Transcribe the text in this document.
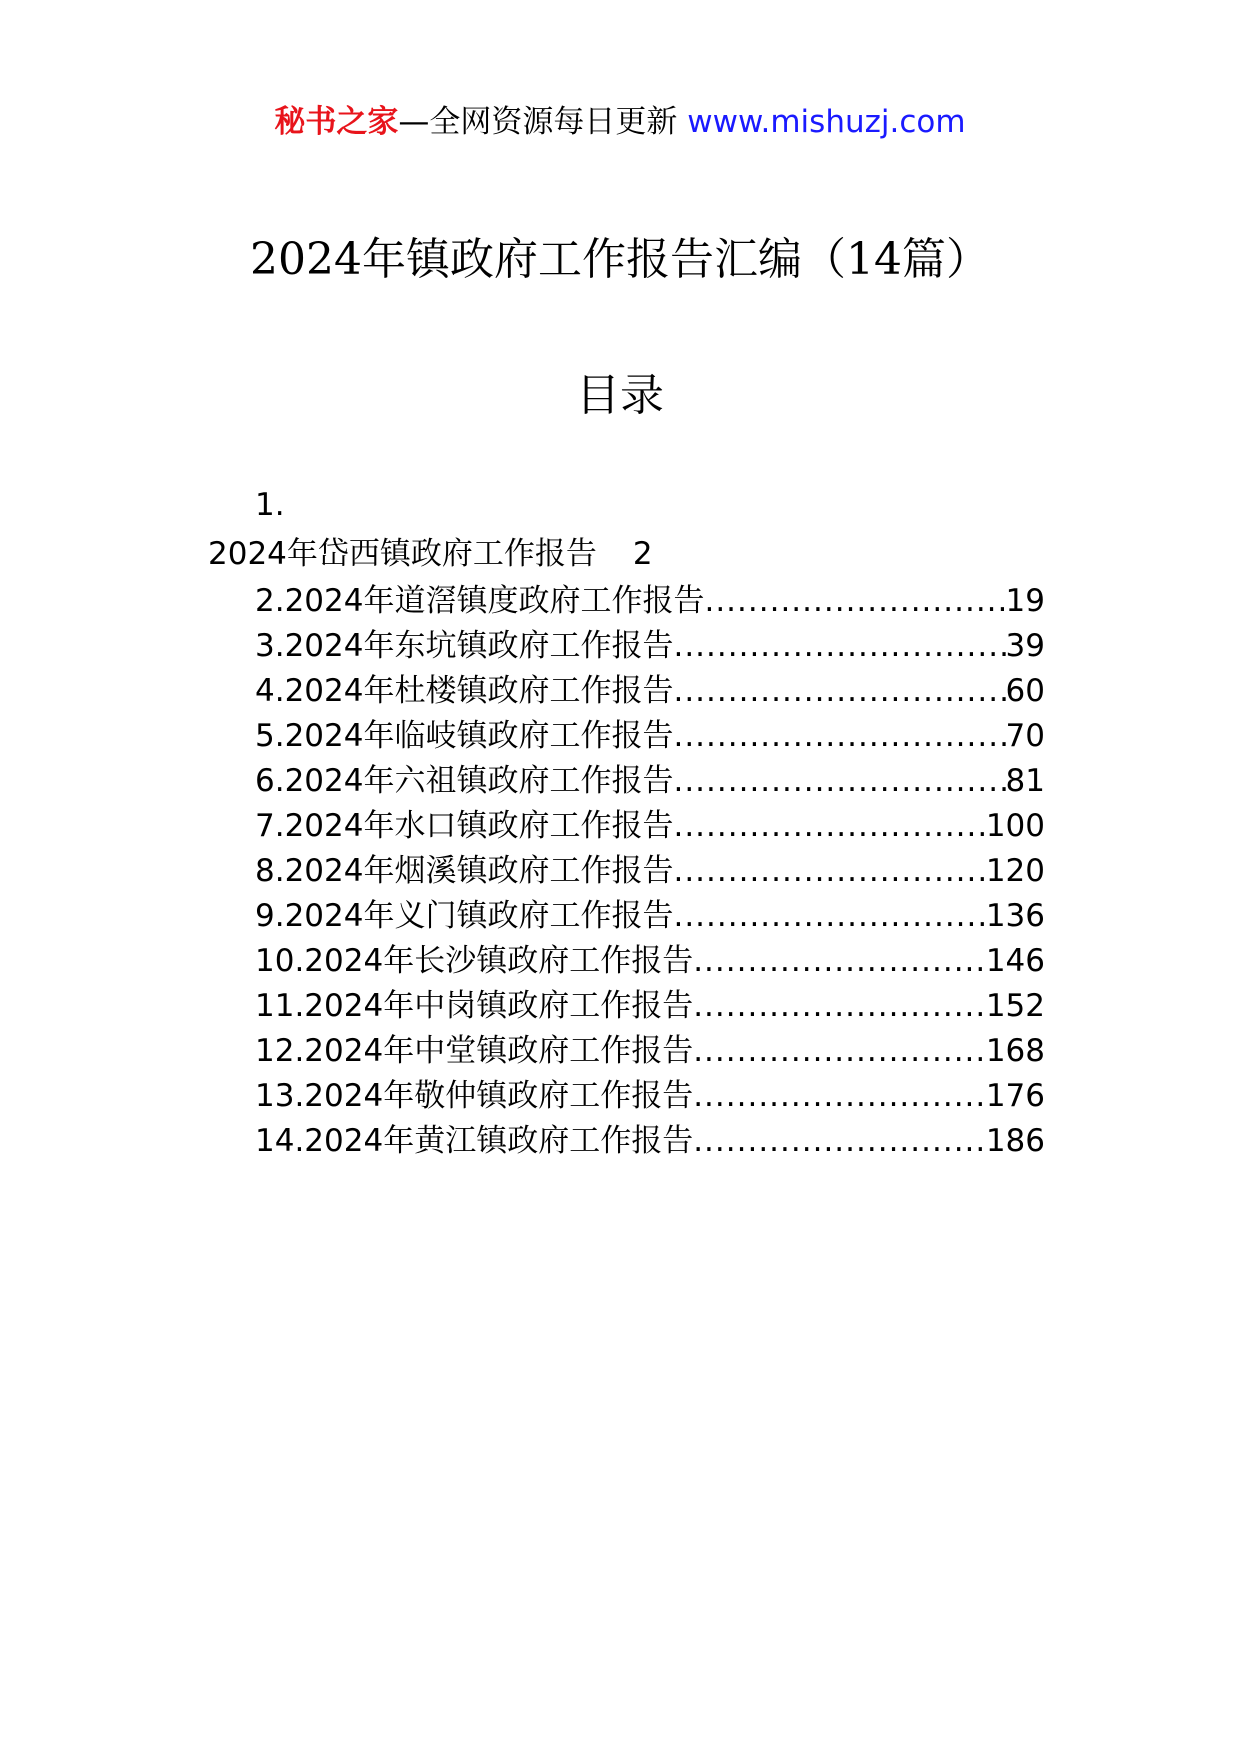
秘书之家—全网资源每日更新 www.mishuzj.com
2024年镇政府工作报告汇编（14篇）
目录
1.
2024年岱西镇政府工作报告 2
2.2024年道滘镇度政府工作报告 .....	19
3.2024年东坑镇政府工作报告 .....	39
4.2024年杜楼镇政府工作报告 .....	60
5.2024年临岐镇政府工作报告 .....	70
6.2024年六祖镇政府工作报告 .....	81
7.2024年水口镇政府工作报告 .....	100
8.2024年烟溪镇政府工作报告 .....	120
9.2024年义门镇政府工作报告 .....	136
10.2024年长沙镇政府工作报告 .....	146
11.2024年中岗镇政府工作报告 .....	152
12.2024年中堂镇政府工作报告 .....	168
13.2024年敬仲镇政府工作报告 .....	176
14.2024年黄江镇政府工作报告 .....	186
